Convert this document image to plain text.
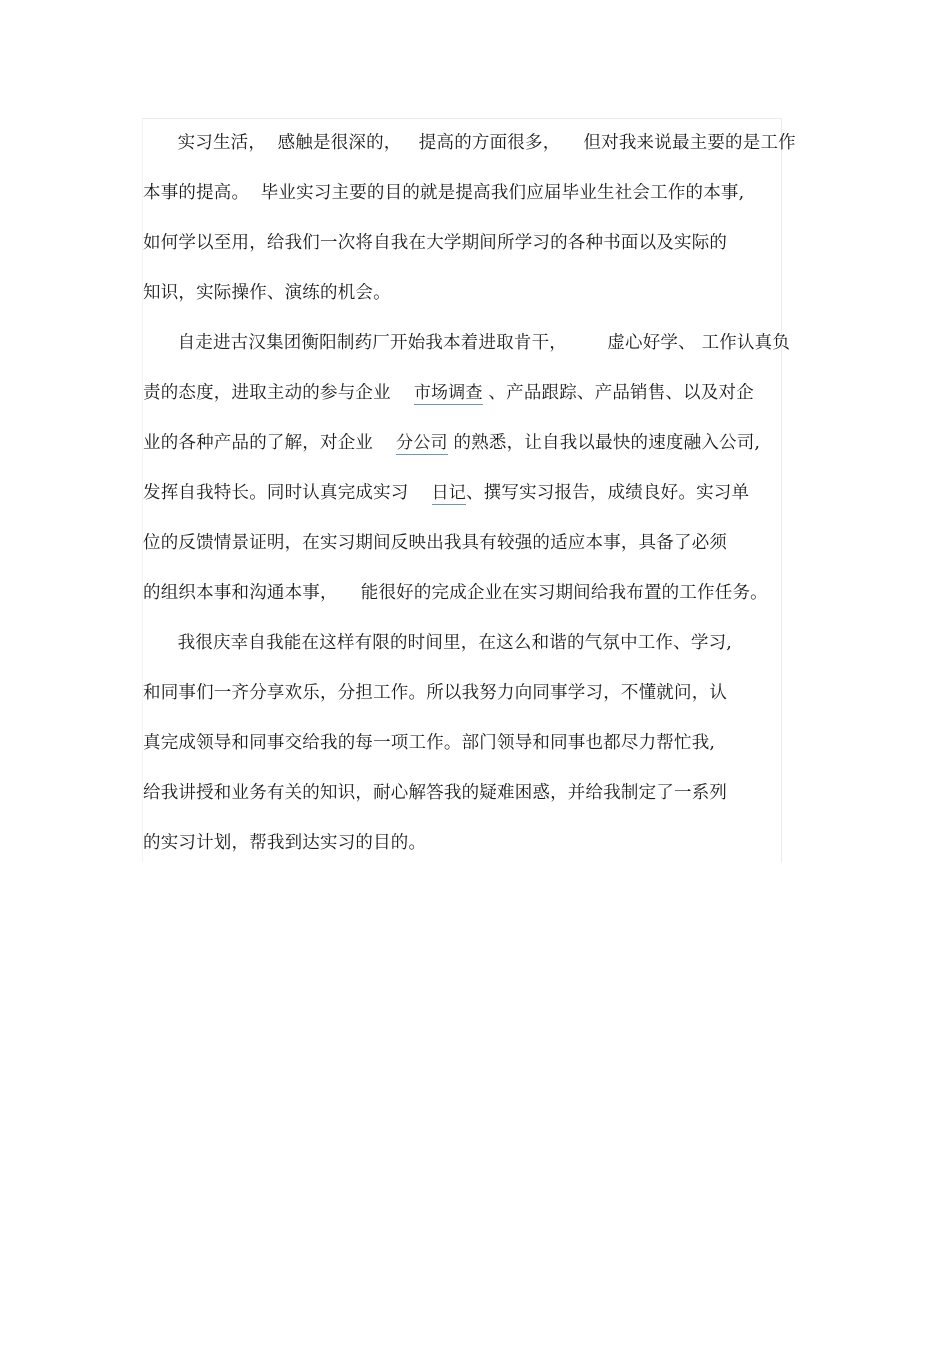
实习生活，  感触是很深的，   提高的方面很多，    但对我来说最主要的是工作
本事的提高。  毕业实习主要的目的就是提高我们应届毕业生社会工作的本事,
如何学以至用，给我们一次将自我在大学期间所学习的各种书面以及实际的
知识，实际操作、演练的机会。
自走进古汉集团衡阳制药厂开始我本着进取肯干，       虚心好学、 工作认真负
责的态度，进取主动的参与企业    市场调查 、产品跟踪、产品销售、以及对企
业的各种产品的了解，对企业    分公司 的熟悉，让自我以最快的速度融入公司,
发挥自我特长。同时认真完成实习    日记、撰写实习报告，成绩良好。实习单
位的反馈情景证明，在实习期间反映出我具有较强的适应本事，具备了必须
的组织本事和沟通本事，    能很好的完成企业在实习期间给我布置的工作任务。
我很庆幸自我能在这样有限的时间里，在这么和谐的气氛中工作、学习,
和同事们一齐分享欢乐，分担工作。所以我努力向同事学习，不懂就问，认
真完成领导和同事交给我的每一项工作。部门领导和同事也都尽力帮忙我,
给我讲授和业务有关的知识，耐心解答我的疑难困惑，并给我制定了一系列
的实习计划，帮我到达实习的目的。
